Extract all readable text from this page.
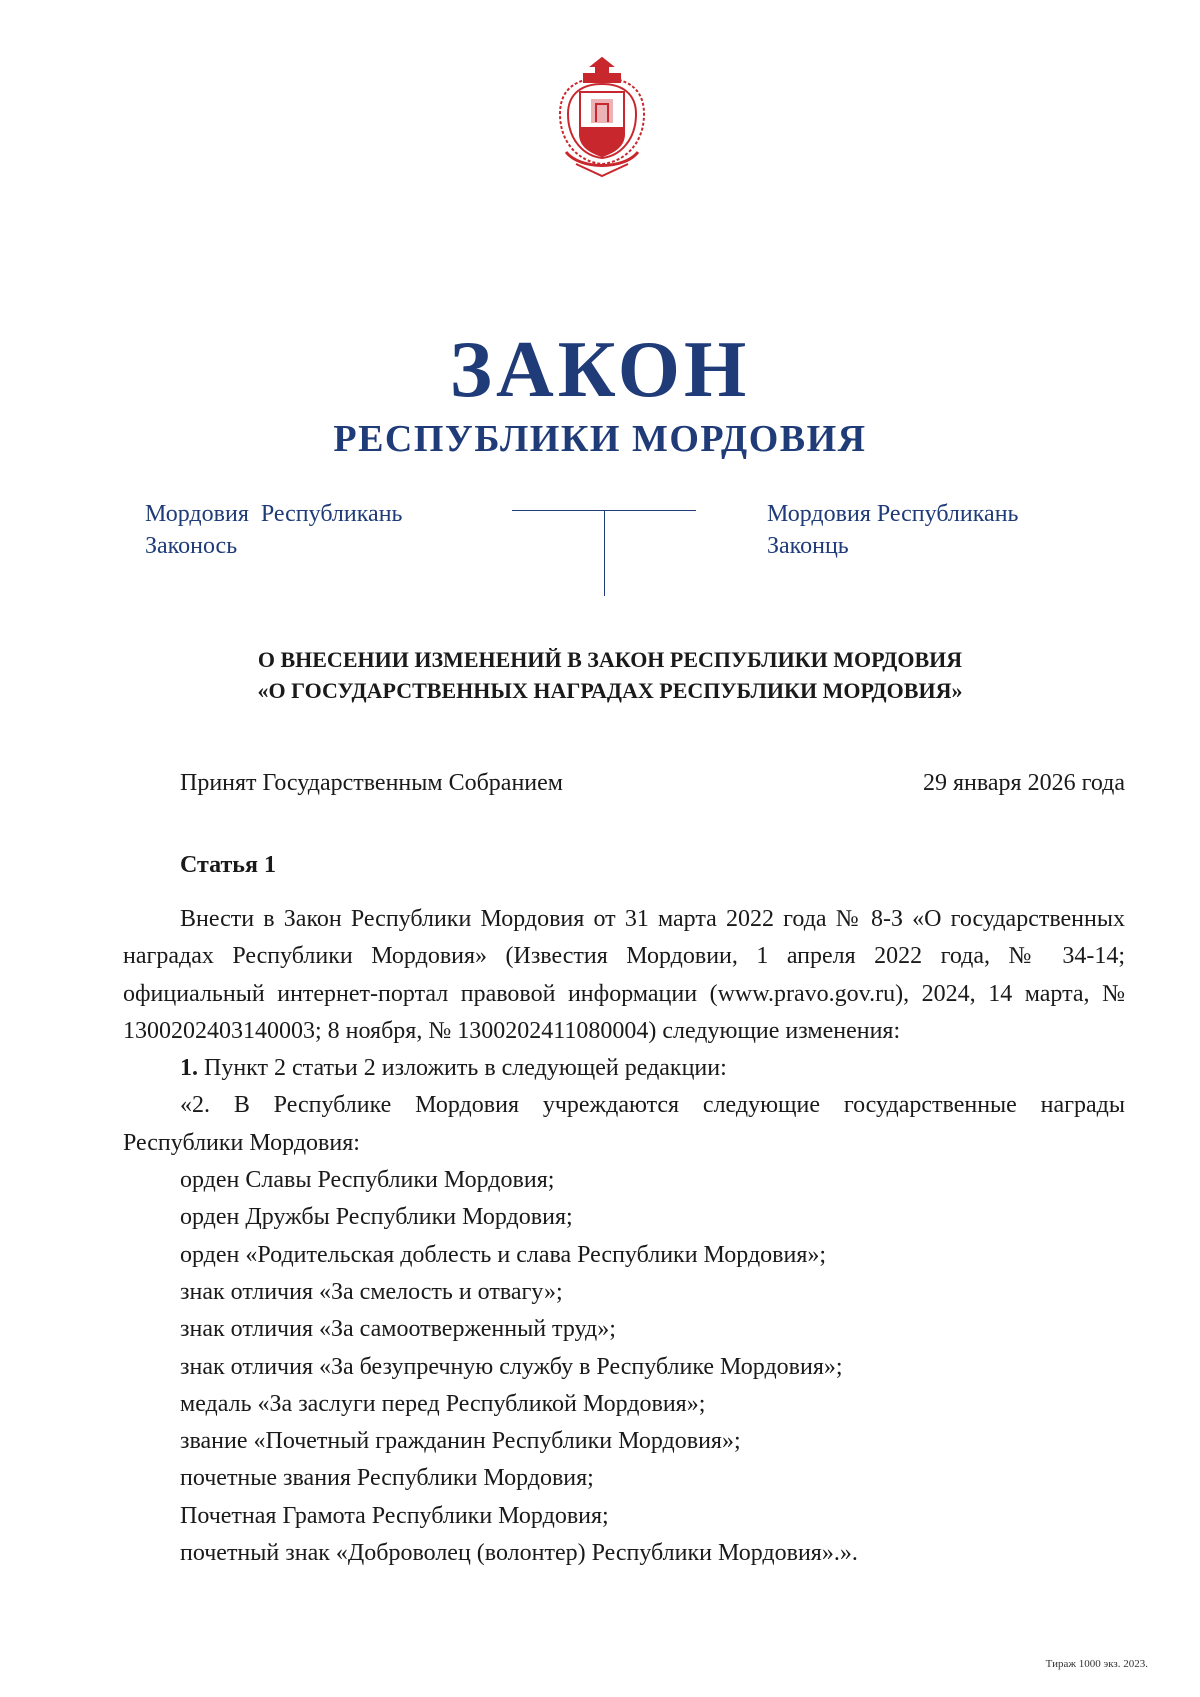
ЗАКОН
РЕСПУБЛИКИ МОРДОВИЯ
Мордовия  Республикань
Законось
Мордовия Республикань
Законць
О ВНЕСЕНИИ ИЗМЕНЕНИЙ В ЗАКОН РЕСПУБЛИКИ МОРДОВИЯ
«О ГОСУДАРСТВЕННЫХ НАГРАДАХ РЕСПУБЛИКИ МОРДОВИЯ»
Принят Государственным Собранием	29 января 2026 года
Статья 1

Внести в Закон Республики Мордовия от 31 марта 2022 года № 8-З «О государственных наградах Республики Мордовия» (Известия Мордовии, 1 апреля 2022 года, № 34-14; официальный интернет-портал правовой информации (www.pravo.gov.ru), 2024, 14 марта, № 1300202403140003; 8 ноября, № 1300202411080004) следующие изменения:

1. Пункт 2 статьи 2 изложить в следующей редакции:

«2. В Республике Мордовия учреждаются следующие государственные награды Республики Мордовия:

орден Славы Республики Мордовия;
орден Дружбы Республики Мордовия;
орден «Родительская доблесть и слава Республики Мордовия»;
знак отличия «За смелость и отвагу»;
знак отличия «За самоотверженный труд»;
знак отличия «За безупречную службу в Республике Мордовия»;
медаль «За заслуги перед Республикой Мордовия»;
звание «Почетный гражданин Республики Мордовия»;
почетные звания Республики Мордовия;
Почетная Грамота Республики Мордовия;
почетный знак «Доброволец (волонтер) Республики Мордовия».».
Тираж 1000 экз. 2023.
